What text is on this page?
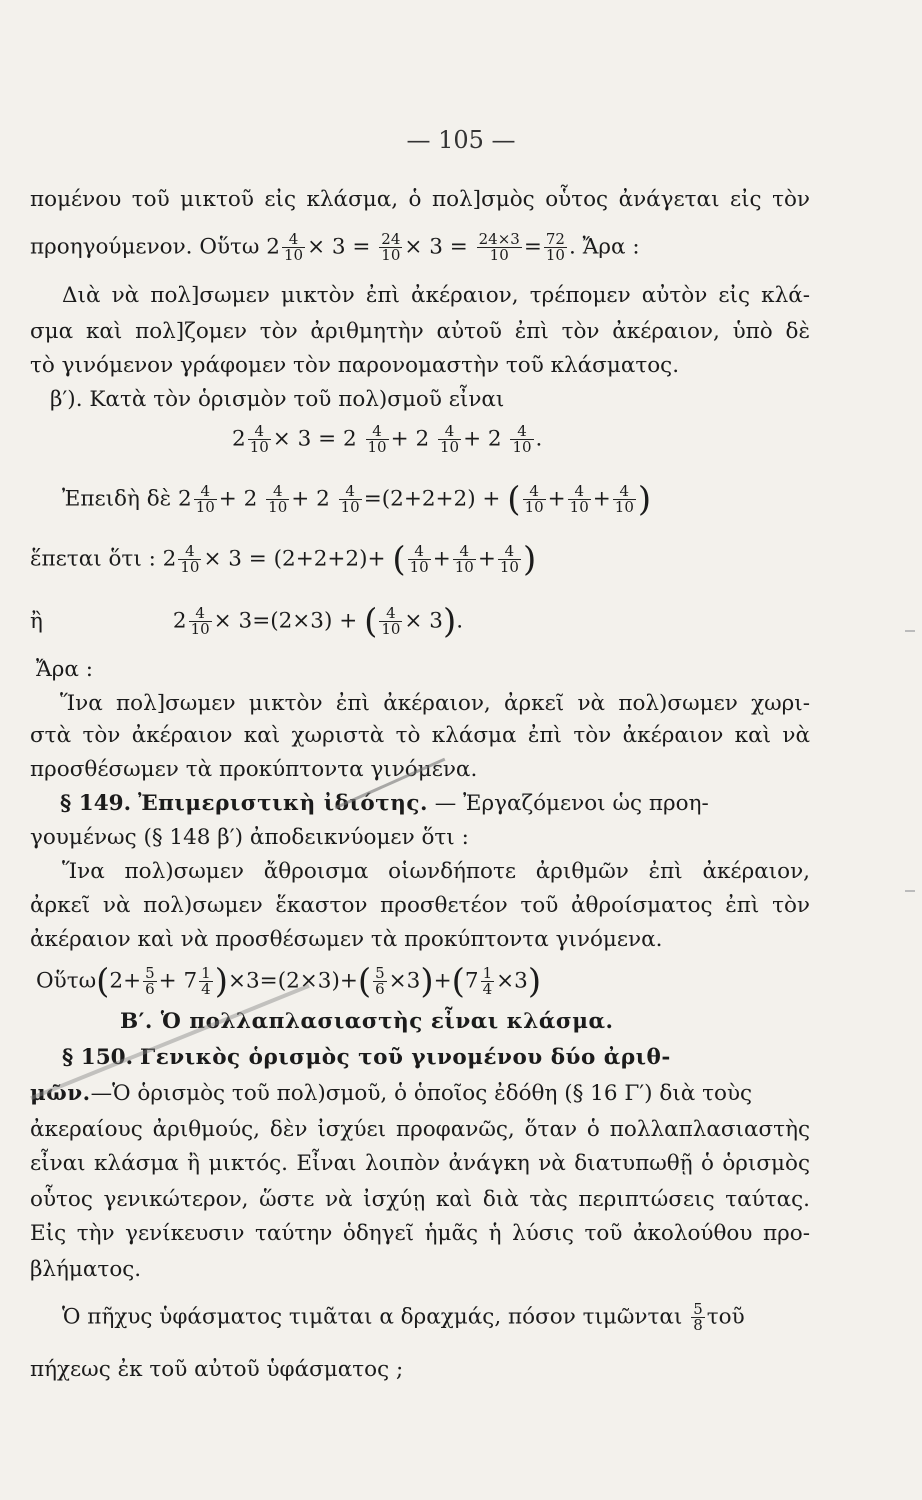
— 105 —
πομένου τοῦ μικτοῦ εἰς κλάσμα, ὁ πολ]σμὸς οὗτος ἀνάγεται εἰς τὸν
προηγούμενον. Οὕτω $2 \frac{4}{10} \times 3 = \frac{24}{10} \times 3 = \frac{24\times 3}{10} = \frac{72}{10}$ . Ἄρα :
Διὰ νὰ πολ]σωμεν μικτὸν ἐπὶ ἀκέραιον, τρέπομεν αὐτὸν εἰς κλά-
σμα καὶ πολ]ζομεν τὸν ἀριθμητὴν αὐτοῦ ἐπὶ τὸν ἀκέραιον, ὑπὸ δὲ
τὸ γινόμενον γράφομεν τὸν παρονομαστὴν τοῦ κλάσματος.
β′). Κατὰ τὸν ὁρισμὸν τοῦ πολ)σμοῦ εἶναι
$2 \frac{4}{10} \times 3 = 2 \frac{4}{10} + 2 \frac{4}{10} + 2 \frac{4}{10}$ .
Ἐπειδὴ δὲ $2 \frac{4}{10} + 2 \frac{4}{10} + 2 \frac{4}{10} =(2+2+2)$ + ( $\frac{4}{10} + \frac{4}{10} + \frac{4}{10}$ )
ἕπεται ὅτι : $2 \frac{4}{10} \times 3 = (2+2+2)+$ ( $\frac{4}{10} + \frac{4}{10} + \frac{4}{10}$ )
ἢ	$2 \frac{4}{10} \times 3=(2\times 3)$ + ( $\frac{4}{10} \times 3$).
Ἄρα :
Ἵνα πολ]σωμεν μικτὸν ἐπὶ ἀκέραιον, ἀρκεῖ νὰ πολ)σωμεν χωρι-
στὰ τὸν ἀκέραιον καὶ χωριστὰ τὸ κλάσμα ἐπὶ τὸν ἀκέραιον καὶ νὰ
προσθέσωμεν τὰ προκύπτοντα γινόμενα.
§ 149. Ἐπιμεριστικὴ ἰδιότης. — Ἐργαζόμενοι ὡς προη-
γουμένως (§ 148 β′) ἀποδεικνύομεν ὅτι :
Ἵνα πολ)σωμεν ἄθροισμα οἱωνδήποτε ἀριθμῶν ἐπὶ ἀκέραιον,
ἀρκεῖ νὰ πολ)σωμεν ἕκαστον προσθετέον τοῦ ἀθροίσματος ἐπὶ τὸν
ἀκέραιον καὶ νὰ προσθέσωμεν τὰ προκύπτοντα γινόμενα.
Οὕτω(2+ $\frac{5}{6} + 7 \frac{1}{4} )\times 3=(2\times 3)+( \frac{5}{6} \times 3)+(7 \frac{1}{4} \times 3)$
Β′. Ὁ πολλαπλασιαστὴς εἶναι κλάσμα.
§ 150. Γενικὸς ὁρισμὸς τοῦ γινομένου δύο ἀριθ-
μῶν.—Ὁ ὁρισμὸς τοῦ πολ)σμοῦ, ὁ ὁποῖος ἐδόθη (§ 16 Γ′) διὰ τοὺς
ἀκεραίους ἀριθμούς, δὲν ἰσχύει προφανῶς, ὅταν ὁ πολλαπλασιαστὴς
εἶναι κλάσμα ἢ μικτός. Εἶναι λοιπὸν ἀνάγκη νὰ διατυπωθῇ ὁ ὁρισμὸς
οὗτος γενικώτερον, ὥστε νὰ ἰσχύῃ καὶ διὰ τὰς περιπτώσεις ταύτας.
Εἰς τὴν γενίκευσιν ταύτην ὁδηγεῖ ἡμᾶς ἡ λύσις τοῦ ἀκολούθου προ-
βλήματος.
Ὁ πῆχυς ὑφάσματος τιμᾶται α δραχμάς, πόσον τιμῶνται $\frac{5}{8}$ τοῦ
πήχεως ἐκ τοῦ αὐτοῦ ὑφάσματος ;
